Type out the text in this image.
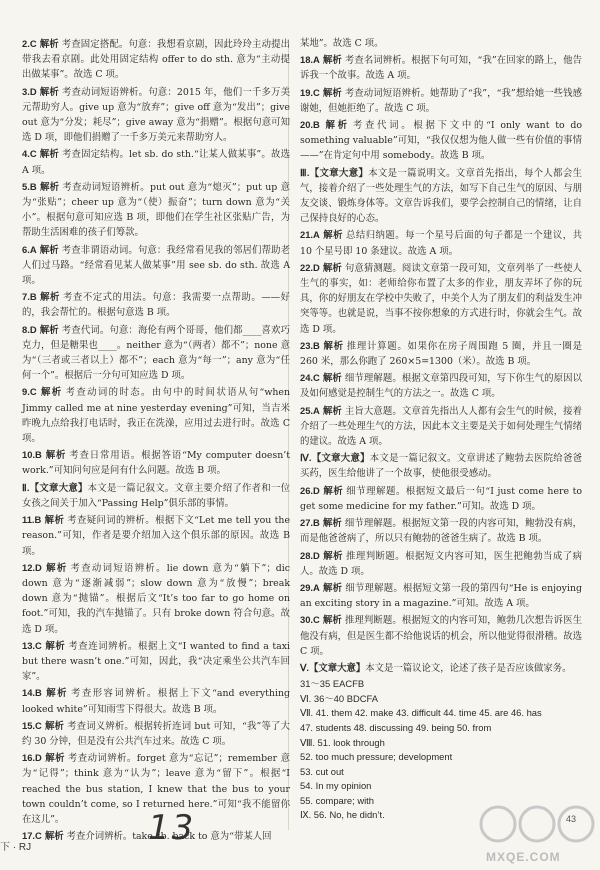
2.C 解析 考查固定搭配。句意：我想看京剧，因此玲玲主动提出带我去看京剧。此处用固定结构 offer to do sth. 意为“主动提出做某事”。故选 C 项。
3.D 解析 考查动词短语辨析。句意：2015 年，他们一千多万美元帮助穷人。give up 意为“放弃”；give off 意为“发出”；give out 意为“分发；耗尽”；give away 意为“捐赠”。根据句意可知选 D 项，即他们捐赠了一千多万美元来帮助穷人。
4.C 解析 考查固定结构。let sb. do sth.“让某人做某事”。故选 A 项。
5.B 解析 考查动词短语辨析。put out 意为“熄灭”；put up 意为“张贴”；cheer up 意为“（使）振奋”；turn down 意为“关小”。根据句意可知应选 B 项，即他们在学生社区张贴广告，为帮助生活困难的孩子们筹款。
6.A 解析 考查非谓语动词。句意：我经常看见我的邻居们帮助老人们过马路。“经常看见某人做某事”用 see sb. do sth. 故选 A 项。
7.B 解析 考查不定式的用法。句意：我需要一点帮助。——好的，我会帮忙的。根据句意选 B 项。
8.D 解析 考查代词。句意：海伦有两个哥哥，他们都____喜欢巧克力，但是糖果也____。neither 意为“（两者）都不”；none 意为“（三者或三者以上）都不”；each 意为“每一”；any 意为“任何一个”。根据后一分句可知应选 D 项。
9.C 解析 考查动词的时态。由句中的时间状语从句“when Jimmy called me at nine yesterday evening”可知，当吉米昨晚九点给我打电话时，我正在洗澡，应用过去进行时。故选 C 项。
10.B 解析 考查日常用语。根据答语“My computer doesn’t work.”可知问句应是问有什么问题。故选 B 项。
Ⅱ.【文章大意】本文是一篇记叙文。文章主要介绍了作者和一位女孩之间关于加入“Passing Help”俱乐部的事情。
11.B 解析 考查疑问词的辨析。根据下文“Let me tell you the reason.”可知，作者是要介绍加入这个俱乐部的原因。故选 B 项。
12.D 解析 考查动词短语辨析。lie down 意为“躺下”；dic down 意为“逐渐减弱”；slow down 意为“放慢”；break down 意为“抛锚”。根据后文“It’s too far to go home on foot.”可知，我的汽车抛锚了。只有 broke down 符合句意。故选 D 项。
13.C 解析 考查连词辨析。根据上文“I wanted to find a taxi but there wasn’t one.”可知，因此，我“决定乘坐公共汽车回家”。
14.B 解析 考查形容词辨析。根据上下文“and everything looked white”可知雨雪下得很大。故选 B 项。
15.C 解析 考查词义辨析。根据转折连词 but 可知，“我”等了大约 30 分钟，但是没有公共汽车过来。故选 C 项。
16.D 解析 考查动词辨析。forget 意为“忘记”；remember 意为“记得”；think 意为“认为”；leave 意为“留下”。根据“I reached the bus station, I knew that the bus to your town couldn’t come, so I returned here.”可知“我不能留你在这儿”。
17.C 解析 考查介词辨析。take sb. back to 意为“带某人回
某地”。故选 C 项。
18.A 解析 考查名词辨析。根据下句可知，“我”在回家的路上，他告诉我一个故事。故选 A 项。
19.C 解析 考查动词短语辨析。她帮助了“我”，“我”想给她一些钱感谢她，但她拒绝了。故选 C 项。
20.B 解析 考查代词。根据下文中的“I only want to do something valuable”可知，“我仅仅想为他人做一些有价值的事情——”在肯定句中用 somebody。故选 B 项。
Ⅲ.【文章大意】本文是一篇说明文。文章首先指出，每个人都会生气，接着介绍了一些处理生气的方法，如写下自己生气的原因、与朋友交谈、锻炼身体等。文章告诉我们，要学会控制自己的情绪，让自己保持良好的心态。
21.A 解析 总结归纳题。每一个星号后面的句子都是一个建议，共 10 个星号即 10 条建议。故选 A 项。
22.D 解析 句意猜测题。阅读文章第一段可知，文章列举了一些使人生气的事实，如：老师给你布置了太多的作业，朋友弄坏了你的玩具，你的好朋友在学校中失败了，中美个人为了朋友们的利益发生冲突等等。也就是说，当事不按你想象的方式进行时，你就会生气。故选 D 项。
23.B 解析 推理计算题。如果你在房子周围跑 5 圈，并且一圈是 260 米，那么你跑了 260×5=1300（米）。故选 B 项。
24.C 解析 细节理解题。根据文章第四段可知，写下你生气的原因以及如何感觉是控制生气的方法之一。故选 C 项。
25.A 解析 主旨大意题。文章首先指出人人都有会生气的时候，接着介绍了一些处理生气的方法，因此本文主要是关于如何处理生气情绪的建议。故选 A 项。
Ⅳ.【文章大意】本文是一篇记叙文。文章讲述了鲍勃去医院给爸爸买药，医生给他讲了一个故事，使他很受感动。
26.D 解析 细节理解题。根据短文最后一句“I just come here to get some medicine for my father.”可知。故选 D 项。
27.B 解析 细节理解题。根据短文第一段的内容可知，鲍勃没有病，而是他爸爸病了，所以只有鲍勃的爸爸生病了。故选 B 项。
28.D 解析 推理判断题。根据短文内容可知，医生把鲍勃当成了病人。故选 D 项。
29.A 解析 细节理解题。根据短文第一段的第四句“He is enjoying an exciting story in a magazine.”可知。故选 A 项。
30.C 解析 推理判断题。根据短文的内容可知，鲍勃几次想告诉医生他没有病，但是医生都不给他说话的机会，所以他觉得很滑稽。故选 C 项。
Ⅴ.【文章大意】本文是一篇议论文，论述了孩子是否应该做家务。
31～35 EACFB
Ⅵ. 36～40 BDCFA
Ⅶ. 41. them 42. make 43. difficult 44. time 45. are 46. has
47. students 48. discussing 49. being 50. from
Ⅷ. 51. look through
52. too much pressure; development
53. cut out
54. In my opinion
55. compare; with
Ⅸ. 56. No, he didn’t.
下 · RJ	13	43
MXQE.COM
